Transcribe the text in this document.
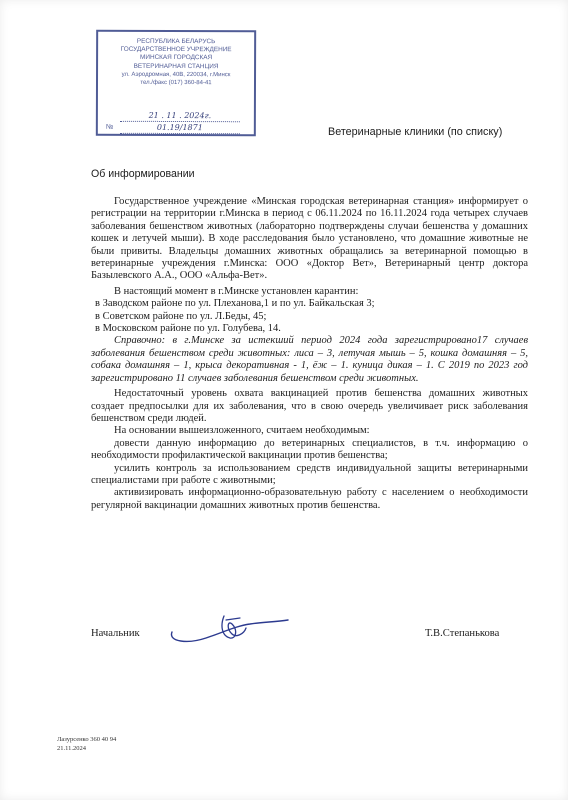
РЕСПУБЛИКА БЕЛАРУСЬ
ГОСУДАРСТВЕННОЕ УЧРЕЖДЕНИЕ
МИНСКАЯ ГОРОДСКАЯ
ВЕТЕРИНАРНАЯ СТАНЦИЯ
ул. Аэродромная, 40В, 220034, г.Минск
тел./факс (017) 360-84-41
21 . 11 . 2024г.
№	01.19/1871	Ветеринарные клиники (по списку)
Об информировании

Государственное учреждение «Минская городская ветеринарная станция» информирует о регистрации на территории г.Минска в период с 06.11.2024 по 16.11.2024 года четырех случаев заболевания бешенством животных (лабораторно подтверждены случаи бешенства у домашних кошек и летучей мыши). В ходе расследования было установлено, что домашние животные не были привиты. Владельцы домашних животных обращались за ветеринарной помощью в ветеринарные учреждения г.Минска: ООО «Доктор Вет», Ветеринарный центр доктора Базылевского А.А., ООО «Альфа-Вет».

В настоящий момент в г.Минске установлен карантин:

в Заводском районе по ул. Плеханова,1 и по ул. Байкальская 3;
в Советском районе по ул. Л.Беды, 45;
в Московском районе по ул. Голубева, 14.

Справочно: в г.Минске за истекший период 2024 года зарегистрировано17 случаев заболевания бешенством среди животных: лиса – 3, летучая мышь – 5, кошка домашняя – 5, собака домашняя – 1, крыса декоративная - 1, ёж – 1. куница дикая – 1. С 2019 по 2023 год зарегистрировано 11 случаев заболевания бешенством среди животных.

Недостаточный уровень охвата вакцинацией против бешенства домашних животных создает предпосылки для их заболевания, что в свою очередь увеличивает риск заболевания бешенством среди людей.

На основании вышеизложенного, считаем необходимым:

довести данную информацию до ветеринарных специалистов, в т.ч. информацию о необходимости профилактической вакцинации против бешенства;

усилить контроль за использованием средств индивидуальной защиты ветеринарными специалистами при работе с животными;

активизировать информационно-образовательную работу с населением о необходимости регулярной вакцинации домашних животных против бешенства.

Начальник	Т.В.Степанькова
Лазурсенко 360 40 94
21.11.2024
